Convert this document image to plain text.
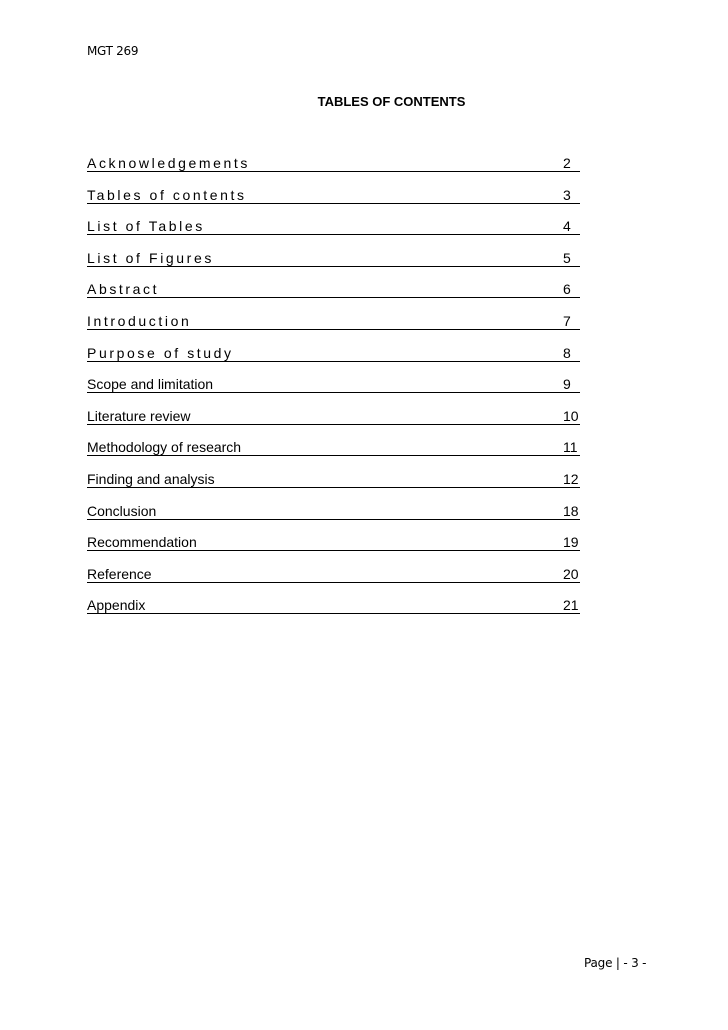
MGT 269
TABLES OF CONTENTS
Acknowledgements	2
Tables of contents	3
List of Tables	4
List of Figures	5
Abstract	6
Introduction	7
Purpose of study	8
Scope and limitation	9
Literature review	10
Methodology of research	11
Finding and analysis	12
Conclusion	18
Recommendation	19
Reference	20
Appendix	21
Page | - 3 -
